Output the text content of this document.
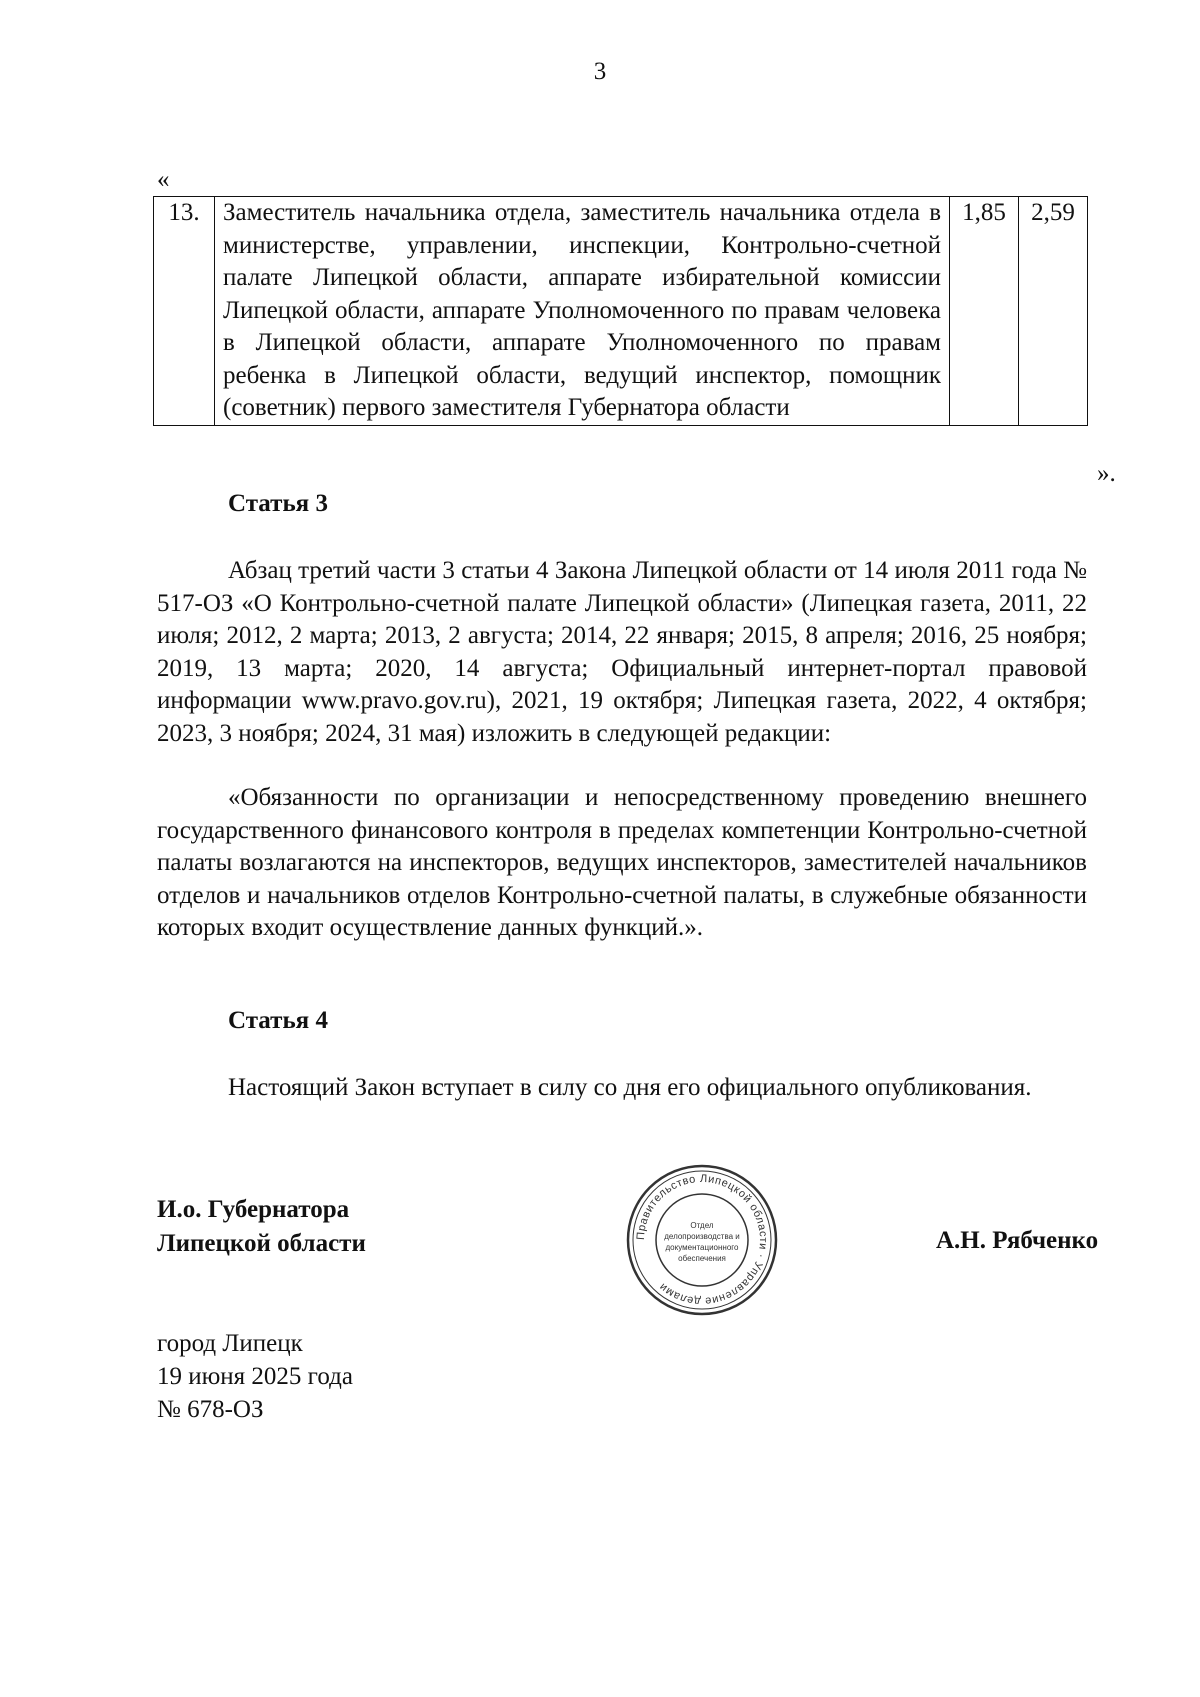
3
«
13.	Заместитель начальника отдела, заместитель начальника отдела в министерстве, управлении, инспекции, Контрольно-счетной палате Липецкой области, аппарате избирательной комиссии Липецкой области, аппарате Уполномоченного по правам человека в Липецкой области, аппарате Уполномоченного по правам ребенка в Липецкой области, ведущий инспектор, помощник (советник) первого заместителя Губернатора области	1,85	2,59
».
Статья 3

Абзац третий части 3 статьи 4 Закона Липецкой области от 14 июля 2011 года № 517-ОЗ «О Контрольно-счетной палате Липецкой области» (Липецкая газета, 2011, 22 июля; 2012, 2 марта; 2013, 2 августа; 2014, 22 января; 2015, 8 апреля; 2016, 25 ноября; 2019, 13 марта; 2020, 14 августа; Официальный интернет-портал правовой информации www.pravo.gov.ru), 2021, 19 октября; Липецкая газета, 2022, 4 октября; 2023, 3 ноября; 2024, 31 мая) изложить в следующей редакции:

«Обязанности по организации и непосредственному проведению внешнего государственного финансового контроля в пределах компетенции Контрольно-счетной палаты возлагаются на инспекторов, ведущих инспекторов, заместителей начальников отделов и начальников отделов Контрольно-счетной палаты, в служебные обязанности которых входит осуществление данных функций.».

Статья 4

Настоящий Закон вступает в силу со дня его официального опубликования.

И.о. Губернатора
Липецкой области	Правительство Липецкой области · Управление делами
Отдел
делопроизводства и
документационного
обеспечения
А.Н. Рябченко
город Липецк
19 июня 2025 года
№ 678-ОЗ
